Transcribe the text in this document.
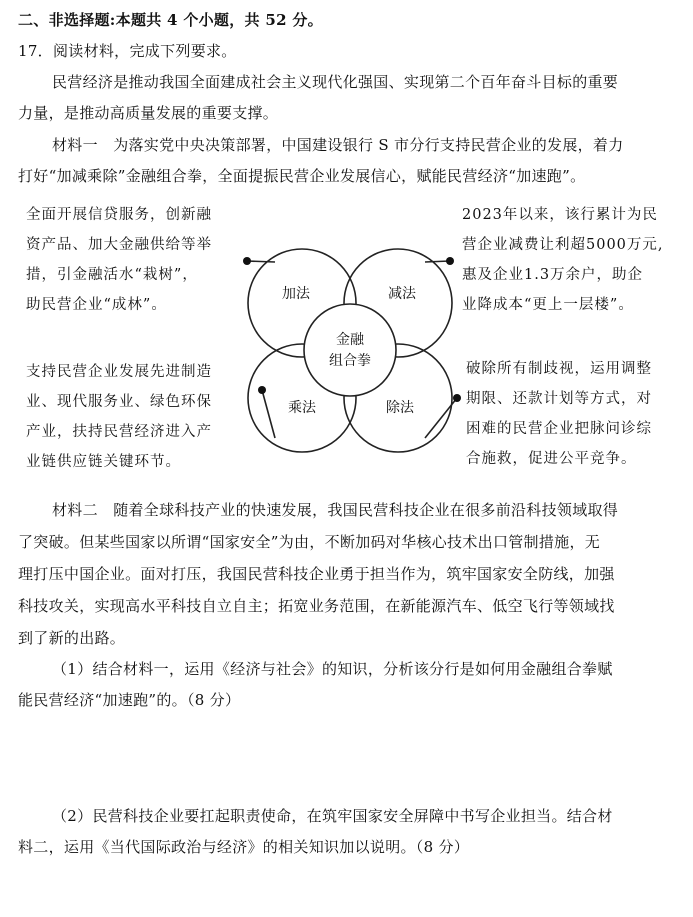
二、非选择题:本题共 4 个小题，共 52 分。
17．阅读材料，完成下列要求。
民营经济是推动我国全面建成社会主义现代化强国、实现第二个百年奋斗目标的重要
力量，是推动高质量发展的重要支撑。
材料一　为落实党中央决策部署，中国建设银行 S 市分行支持民营企业的发展，着力
打好“加减乘除”金融组合拳，全面提振民营企业发展信心，赋能民营经济“加速跑”。
加法	减法
乘法	除法
金融
组合拳
全面开展信贷服务，创新融
资产品、加大金融供给等举
措，引金融活水“栽树”，
助民营企业“成林”。
2023年以来，该行累计为民
营企业减费让利超5000万元,
惠及企业1.3万余户，助企
业降成本“更上一层楼”。
支持民营企业发展先进制造
业、现代服务业、绿色环保
产业，扶持民营经济进入产
业链供应链关键环节。
破除所有制歧视，运用调整
期限、还款计划等方式，对
困难的民营企业把脉问诊综
合施救，促进公平竞争。
材料二　随着全球科技产业的快速发展，我国民营科技企业在很多前沿科技领域取得
了突破。但某些国家以所谓“国家安全”为由，不断加码对华核心技术出口管制措施，无
理打压中国企业。面对打压，我国民营科技企业勇于担当作为，筑牢国家安全防线，加强
科技攻关，实现高水平科技自立自主；拓宽业务范围，在新能源汽车、低空飞行等领域找
到了新的出路。
（1）结合材料一，运用《经济与社会》的知识，分析该分行是如何用金融组合拳赋
能民营经济“加速跑”的。（8 分）
（2）民营科技企业要扛起职责使命，在筑牢国家安全屏障中书写企业担当。结合材
料二，运用《当代国际政治与经济》的相关知识加以说明。（8 分）
